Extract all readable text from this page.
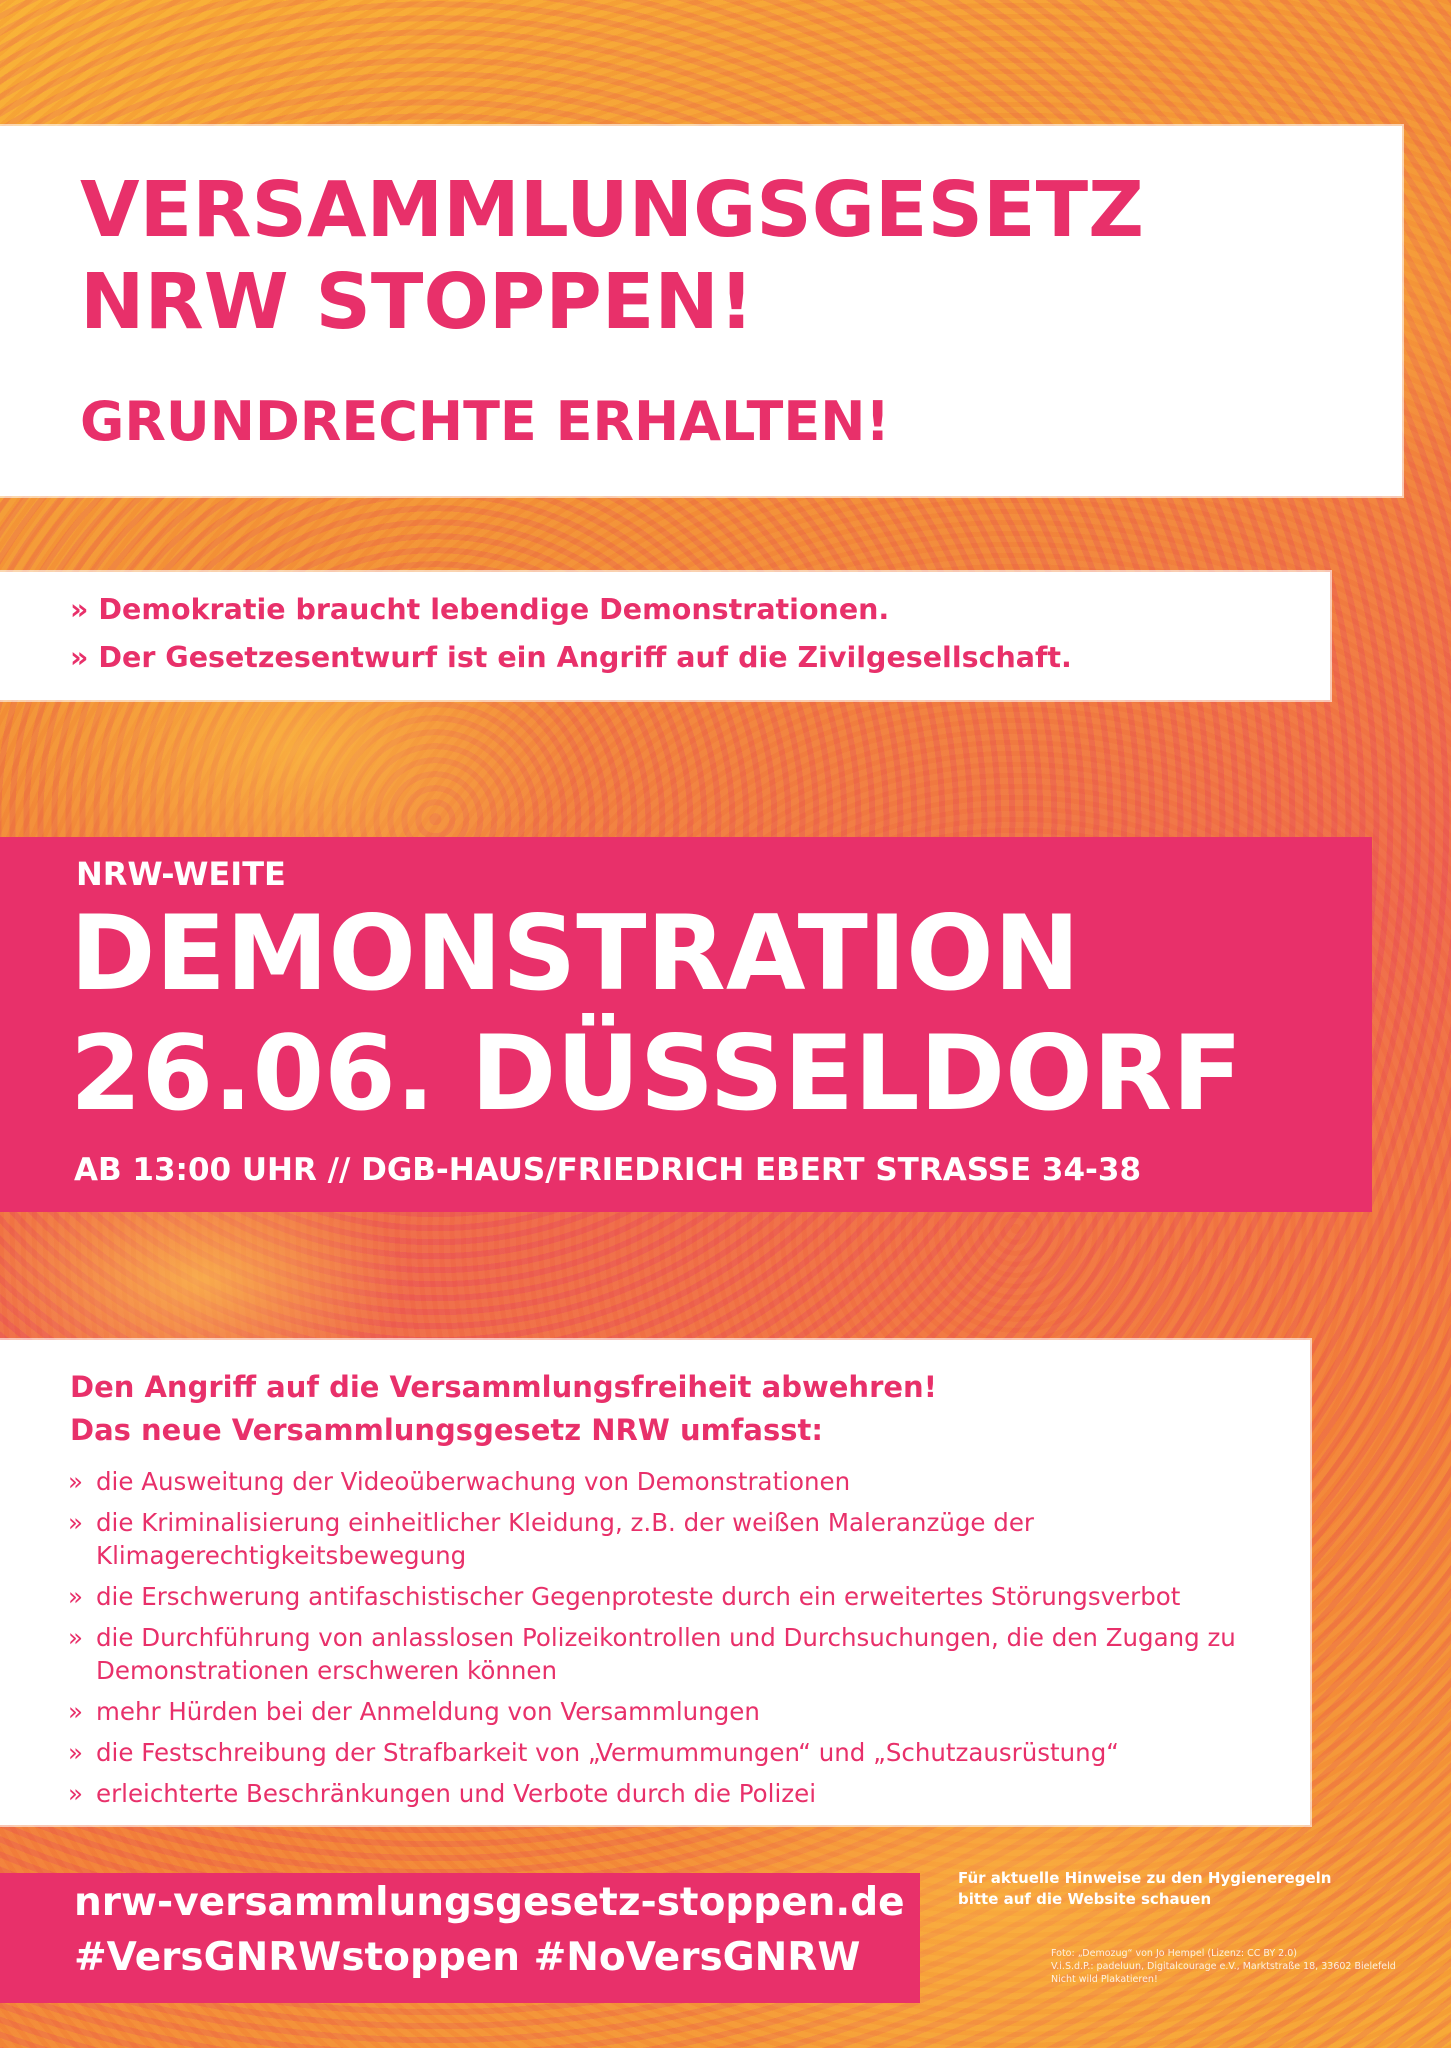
VERSAMMLUNGSGESETZ
NRW STOPPEN!
GRUNDRECHTE ERHALTEN!
» Demokratie braucht lebendige Demonstrationen.
» Der Gesetzesentwurf ist ein Angriff auf die Zivilgesellschaft.
NRW-WEITE
DEMONSTRATION
26.06. DÜSSELDORF
AB 13:00 UHR // DGB-HAUS/FRIEDRICH EBERT STRASSE 34-38
Den Angriff auf die Versammlungsfreiheit abwehren!
Das neue Versammlungsgesetz NRW umfasst:
» die Ausweitung der Videoüberwachung von Demonstrationen
» die Kriminalisierung einheitlicher Kleidung, z.B. der weißen Maleranzüge der Klimagerechtigkeitsbewegung
» die Erschwerung antifaschistischer Gegenproteste durch ein erweitertes Störungsverbot
» die Durchführung von anlasslosen Polizeikontrollen und Durchsuchungen, die den Zugang zu Demonstrationen erschweren können
» mehr Hürden bei der Anmeldung von Versammlungen
» die Festschreibung der Strafbarkeit von „Vermummungen“ und „Schutzausrüstung“
» erleichterte Beschränkungen und Verbote durch die Polizei
nrw-versammlungsgesetz-stoppen.de
#VersGNRWstoppen #NoVersGNRW
Für aktuelle Hinweise zu den Hygieneregeln
bitte auf die Website schauen
Foto: „Demozug“ von Jo Hempel (Lizenz: CC BY 2.0)
V.i.S.d.P.: padeluun, Digitalcourage e.V., Marktstraße 18, 33602 Bielefeld
Nicht wild Plakatieren!
